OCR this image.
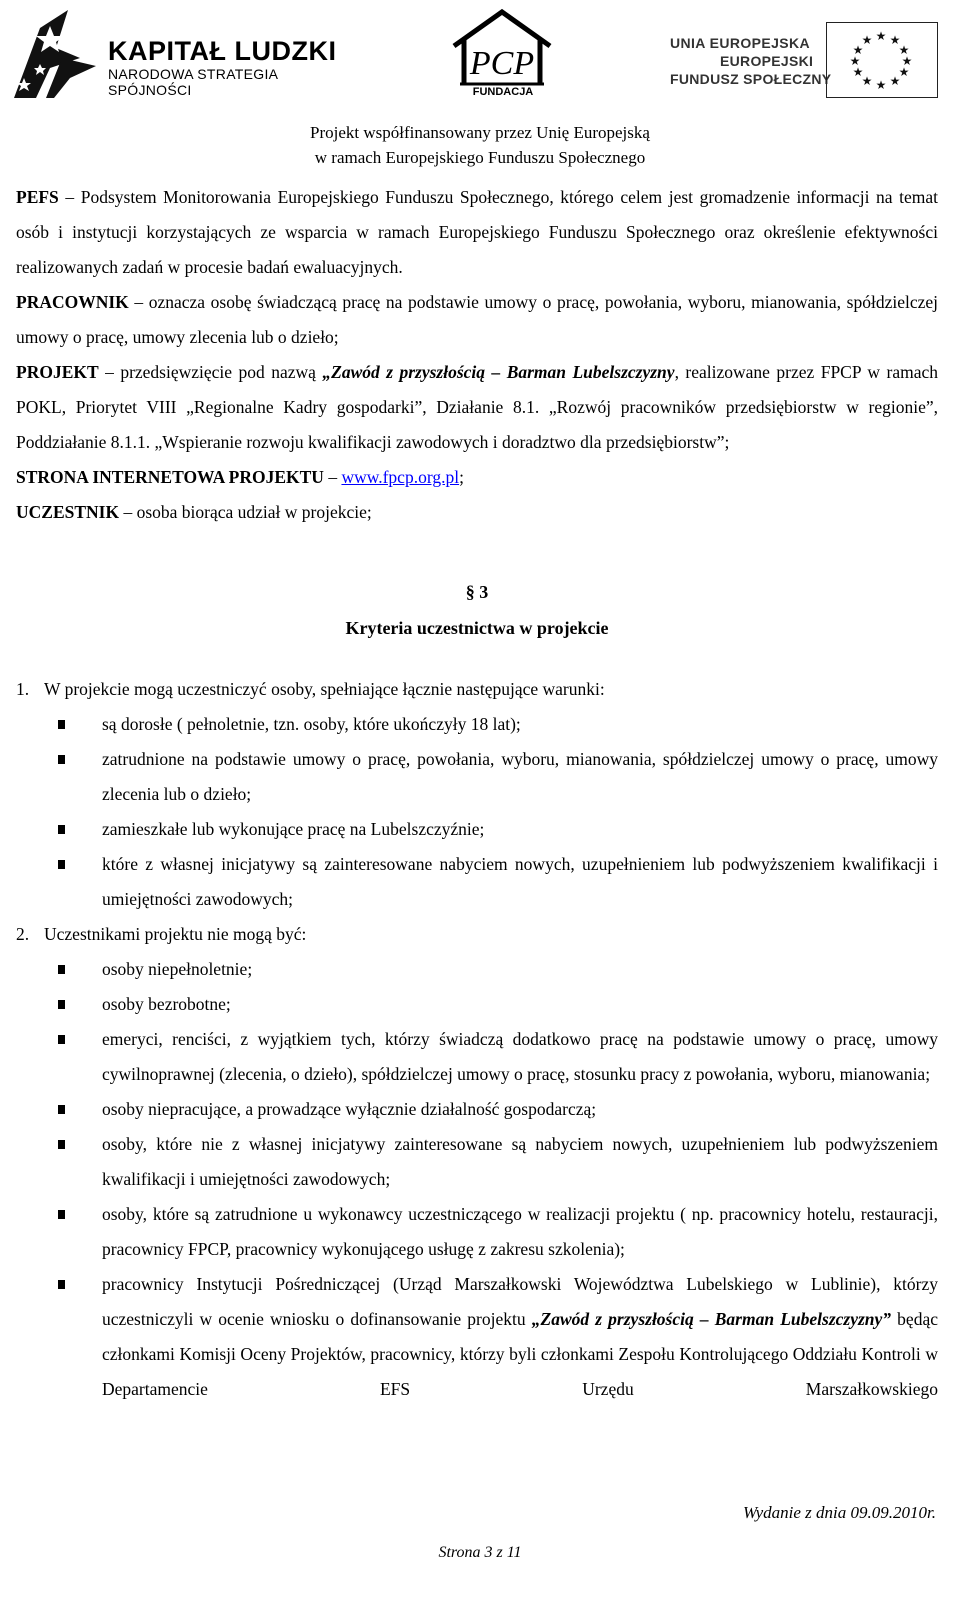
KAPITAŁ LUDZKI
NARODOWA STRATEGIA SPÓJNOŚCI
PCP
FUNDACJA
UNIA EUROPEJSKA
EUROPEJSKI
FUNDUSZ SPOŁECZNY
★ ★
★
★
★
★
★
★
★
★
★
★
Projekt współfinansowany przez Unię Europejską
w ramach Europejskiego Funduszu Społecznego

PEFS – Podsystem Monitorowania Europejskiego Funduszu Społecznego, którego celem jest gromadzenie informacji na temat osób i instytucji korzystających ze wsparcia w ramach Europejskiego Funduszu Społecznego oraz określenie efektywności realizowanych zadań w procesie badań ewaluacyjnych.

PRACOWNIK – oznacza osobę świadczącą pracę na podstawie umowy o pracę, powołania, wyboru, mianowania, spółdzielczej umowy o pracę, umowy zlecenia lub o dzieło;

PROJEKT – przedsięwzięcie pod nazwą „Zawód z przyszłością – Barman Lubelszczyzny, realizowane przez FPCP w ramach POKL, Priorytet VIII „Regionalne Kadry gospodarki”, Działanie 8.1. „Rozwój pracowników przedsiębiorstw w regionie”, Poddziałanie 8.1.1. „Wspieranie rozwoju kwalifikacji zawodowych i doradztwo dla przedsiębiorstw”;

STRONA INTERNETOWA PROJEKTU – www.fpcp.org.pl;

UCZESTNIK – osoba biorąca udział w projekcie;

§ 3

Kryteria uczestnictwa w projekcie

1. W projekcie mogą uczestniczyć osoby, spełniające łącznie następujące warunki:
są dorosłe ( pełnoletnie, tzn. osoby, które ukończyły 18 lat);
zatrudnione na podstawie umowy o pracę, powołania, wyboru, mianowania, spółdzielczej umowy o pracę, umowy zlecenia lub o dzieło;
zamieszkałe lub wykonujące pracę na Lubelszczyźnie;
które z własnej inicjatywy są zainteresowane nabyciem nowych, uzupełnieniem lub podwyższeniem kwalifikacji i umiejętności zawodowych;
2. Uczestnikami projektu nie mogą być:
osoby niepełnoletnie;
osoby bezrobotne;
emeryci, renciści, z wyjątkiem tych, którzy świadczą dodatkowo pracę na podstawie umowy o pracę, umowy cywilnoprawnej (zlecenia, o dzieło), spółdzielczej umowy o pracę, stosunku pracy z powołania, wyboru, mianowania;
osoby niepracujące, a prowadzące wyłącznie działalność gospodarczą;
osoby, które nie z własnej inicjatywy zainteresowane są nabyciem nowych, uzupełnieniem lub podwyższeniem kwalifikacji i umiejętności zawodowych;
osoby, które są zatrudnione u wykonawcy uczestniczącego w realizacji projektu ( np. pracownicy hotelu, restauracji, pracownicy FPCP, pracownicy wykonującego usługę z zakresu szkolenia);
pracownicy Instytucji Pośredniczącej (Urząd Marszałkowski Województwa Lubelskiego w Lublinie), którzy uczestniczyli w ocenie wniosku o dofinansowanie projektu „Zawód z przyszłością – Barman Lubelszczyzny” będąc członkami Komisji Oceny Projektów, pracownicy, którzy byli członkami Zespołu Kontrolującego Oddziału Kontroli w Departamencie EFS Urzędu Marszałkowskiego
Wydanie z dnia 09.09.2010r.
Strona 3 z 11
